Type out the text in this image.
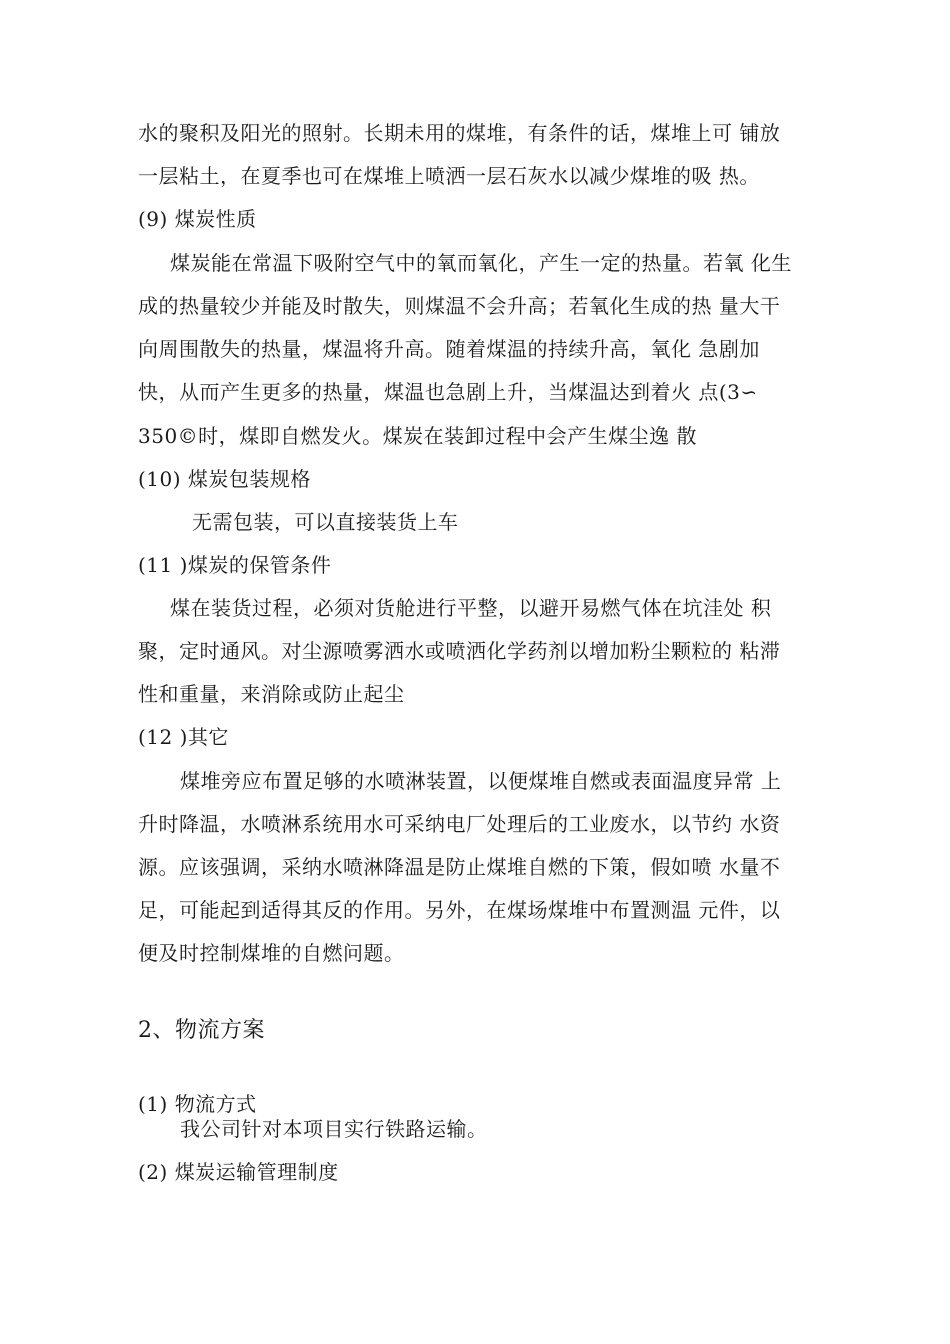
水的聚积及阳光的照射。长期未用的煤堆，有条件的话，煤堆上可 铺放
一层粘土，在夏季也可在煤堆上喷洒一层石灰水以减少煤堆的吸 热。
(9) 煤炭性质
煤炭能在常温下吸附空气中的氧而氧化，产生一定的热量。若氧 化生
成的热量较少并能及时散失，则煤温不会升高；若氧化生成的热 量大干
向周围散失的热量，煤温将升高。随着煤温的持续升高，氧化 急剧加
快，从而产生更多的热量，煤温也急剧上升，当煤温达到着火 点(3∽
350©时，煤即自燃发火。煤炭在装卸过程中会产生煤尘逸 散
(10) 煤炭包装规格
无需包装，可以直接装货上车
(11 )煤炭的保管条件
煤在装货过程，必须对货舱进行平整，以避开易燃气体在坑洼处 积
聚，定时通风。对尘源喷雾洒水或喷洒化学药剂以增加粉尘颗粒的 粘滞
性和重量，来消除或防止起尘
(12 )其它
煤堆旁应布置足够的水喷淋装置，以便煤堆自燃或表面温度异常 上
升时降温，水喷淋系统用水可采纳电厂处理后的工业废水，以节约 水资
源。应该强调，采纳水喷淋降温是防止煤堆自燃的下策，假如喷 水量不
足，可能起到适得其反的作用。另外，在煤场煤堆中布置测温 元件，以
便及时控制煤堆的自燃问题。
2、物流方案
(1) 物流方式
我公司针对本项目实行铁路运输。
(2) 煤炭运输管理制度
